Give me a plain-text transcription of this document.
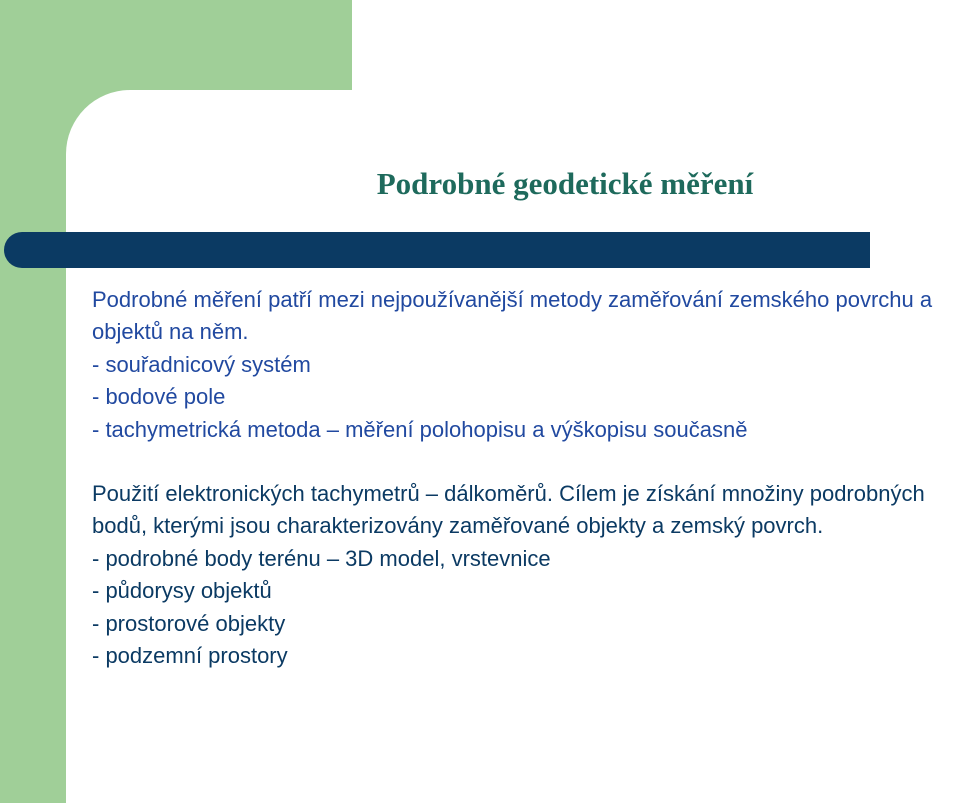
Podrobné geodetické měření

Podrobné měření patří mezi nejpoužívanější metody zaměřování zemského povrchu a objektů na něm.

- souřadnicový systém

- bodové pole

- tachymetrická metoda – měření polohopisu a výškopisu současně

Použití elektronických tachymetrů – dálkoměrů. Cílem je získání množiny podrobných bodů, kterými jsou charakterizovány zaměřované objekty a zemský povrch.

- podrobné body terénu – 3D model, vrstevnice

- půdorysy objektů

- prostorové objekty

- podzemní prostory
